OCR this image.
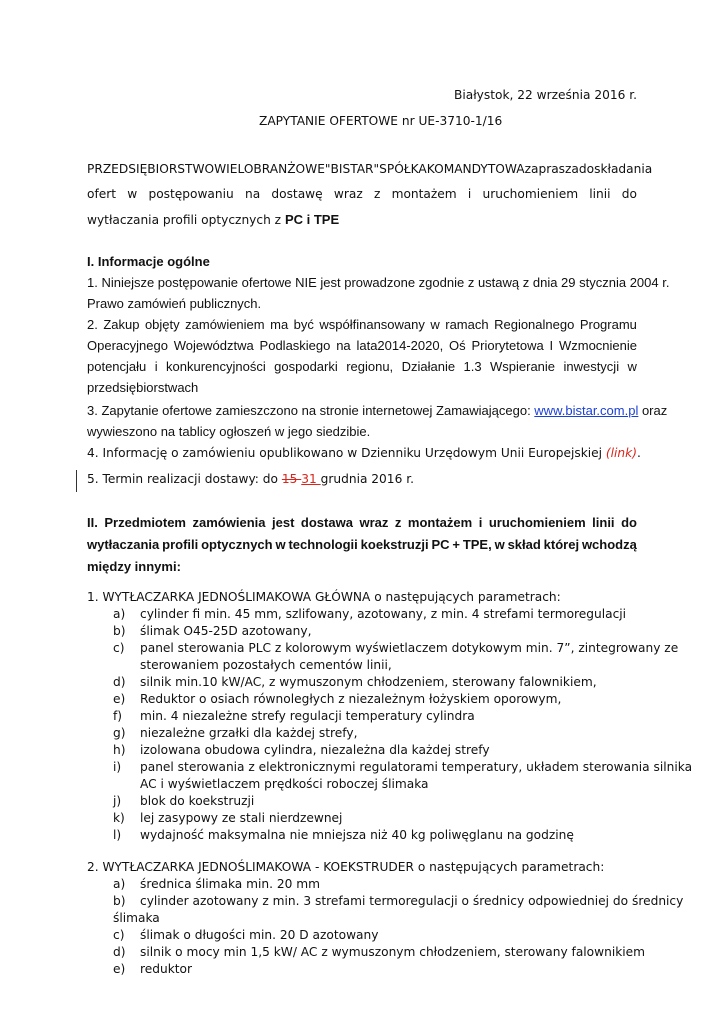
Białystok, 22 września 2016 r.
ZAPYTANIE OFERTOWE nr UE-3710-1/16
PRZEDSIĘBIORSTWO WIELOBRANŻOWE "BISTAR" SPÓŁKA KOMANDYTOWA zaprasza do składania
ofert w postępowaniu na dostawę wraz z montażem i uruchomieniem linii do
wytłaczania profili optycznych z PC i TPE
I. Informacje ogólne
1. Niniejsze postępowanie ofertowe NIE jest prowadzone zgodnie z ustawą z dnia 29 stycznia 2004 r.
Prawo zamówień publicznych.
2. Zakup objęty zamówieniem ma być współfinansowany w ramach Regionalnego Programu
Operacyjnego Województwa Podlaskiego na lata2014-2020, Oś Priorytetowa I Wzmocnienie
potencjału i konkurencyjności gospodarki regionu, Działanie 1.3 Wspieranie inwestycji w
przedsiębiorstwach
3. Zapytanie ofertowe zamieszczono na stronie internetowej Zamawiającego: www.bistar.com.pl oraz
wywieszono na tablicy ogłoszeń w jego siedzibie.
4. Informację o zamówieniu opublikowano w Dzienniku Urzędowym Unii Europejskiej (link).
5. Termin realizacji dostawy: do 15 31 grudnia 2016 r.
II. Przedmiotem zamówienia jest dostawa wraz z montażem i uruchomieniem linii do
wytłaczania profili optycznych w technologii koekstruzji PC + TPE, w skład której wchodzą
między innymi:
1. WYTŁACZARKA JEDNOŚLIMAKOWA GŁÓWNA o następujących parametrach:
a) cylinder fi min. 45 mm, szlifowany, azotowany, z min. 4 strefami termoregulacji
b) ślimak O45-25D azotowany,
c) panel sterowania PLC z kolorowym wyświetlaczem dotykowym min. 7”, zintegrowany ze
sterowaniem pozostałych cementów linii,
d) silnik min.10 kW/AC, z wymuszonym chłodzeniem, sterowany falownikiem,
e) Reduktor o osiach równoległych z niezależnym łożyskiem oporowym,
f) min. 4 niezależne strefy regulacji temperatury cylindra
g) niezależne grzałki dla każdej strefy,
h) izolowana obudowa cylindra, niezależna dla każdej strefy
i) panel sterowania z elektronicznymi regulatorami temperatury, układem sterowania silnika
AC i wyświetlaczem prędkości roboczej ślimaka
j) blok do koekstruzji
k) lej zasypowy ze stali nierdzewnej
l) wydajność maksymalna nie mniejsza niż 40 kg poliwęglanu na godzinę
2. WYTŁACZARKA JEDNOŚLIMAKOWA - KOEKSTRUDER o następujących parametrach:
a) średnica ślimaka min. 20 mm
b) cylinder azotowany z min. 3 strefami termoregulacji o średnicy odpowiedniej do średnicy
ślimaka
c) ślimak o długości min. 20 D azotowany
d) silnik o mocy min 1,5 kW/ AC z wymuszonym chłodzeniem, sterowany falownikiem
e) reduktor
